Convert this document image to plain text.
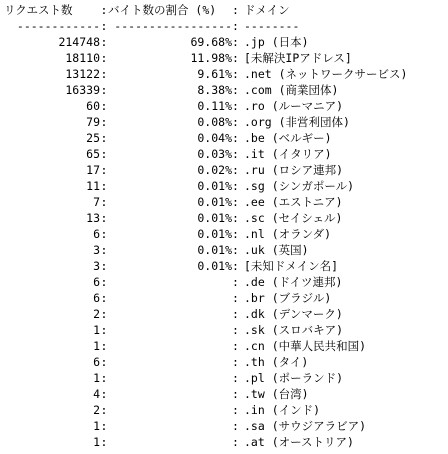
リクエスト数	: バイト数の割合 (%)	: ドメイン
------------ : ----------------- : --------
214748 :	69.68% : .jp (日本)
18110 :	11.98% : [未解決IPアドレス]
13122 :	9.61% : .net (ネットワークサービス)
16339 :	8.38% : .com (商業団体)
60 :	0.11% : .ro (ルーマニア)
79 :	0.08% : .org (非営利団体)
25 :	0.04% : .be (ベルギー)
65 :	0.03% : .it (イタリア)
17 :	0.02% : .ru (ロシア連邦)
11 :	0.01% : .sg (シンガポール)
7 :	0.01% : .ee (エストニア)
13 :	0.01% : .sc (セイシェル)
6 :	0.01% : .nl (オランダ)
3 :	0.01% : .uk (英国)
3 :	0.01% : [未知ドメイン名]
6 :	: .de (ドイツ連邦)
6 :	: .br (ブラジル)
2 :	: .dk (デンマーク)
1 :	: .sk (スロバキア)
1 :	: .cn (中華人民共和国)
6 :	: .th (タイ)
1 :	: .pl (ポーランド)
4 :	: .tw (台湾)
2 :	: .in (インド)
1 :	: .sa (サウジアラビア)
1 :	: .at (オーストリア)
